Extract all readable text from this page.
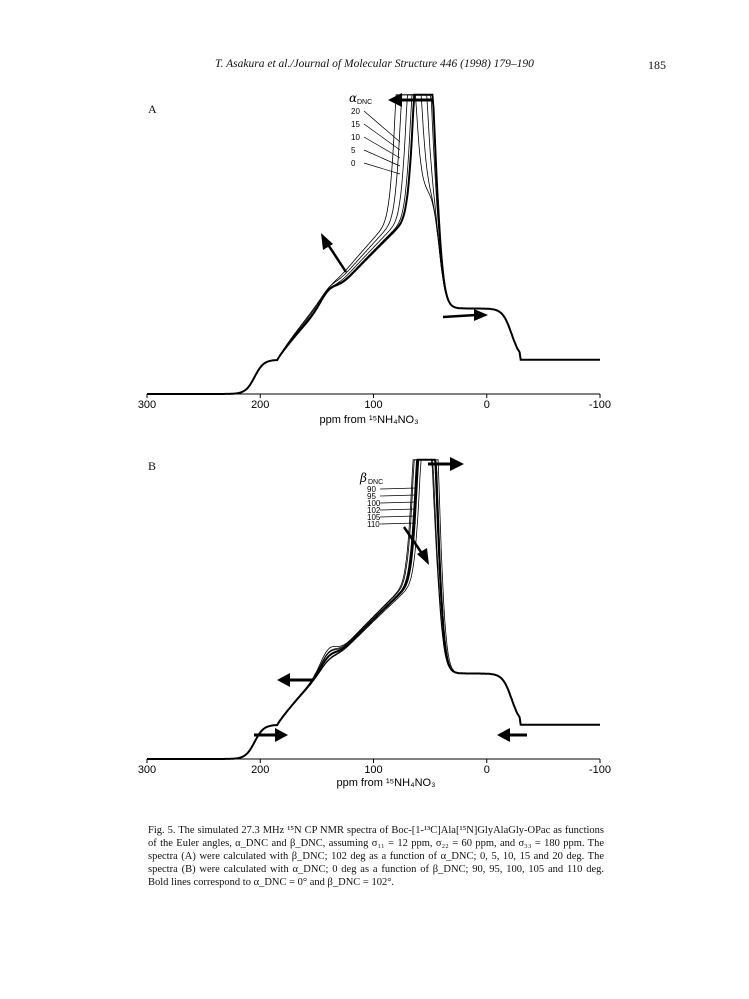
T. Asakura et al./Journal of Molecular Structure 446 (1998) 179–190	185
A
α DNC
20
15
10
5
0
300	200	100	0	-100
ppm from ¹⁵NH₄NO₃
B
β DNC
90
95
100
102
105
110
300	200	100	0	-100
ppm from ¹⁵NH₄NO₃
Fig. 5. The simulated 27.3 MHz ¹⁵N CP NMR spectra of Boc-[1-¹³C]Ala[¹⁵N]GlyAlaGly-OPac as functions of the Euler angles, α_DNC and β_DNC, assuming σ₁₁ = 12 ppm, σ₂₂ = 60 ppm, and σ₃₃ = 180 ppm. The spectra (A) were calculated with β_DNC; 102 deg as a function of α_DNC; 0, 5, 10, 15 and 20 deg. The spectra (B) were calculated with α_DNC; 0 deg as a function of β_DNC; 90, 95, 100, 105 and 110 deg. Bold lines correspond to α_DNC = 0° and β_DNC = 102°.
